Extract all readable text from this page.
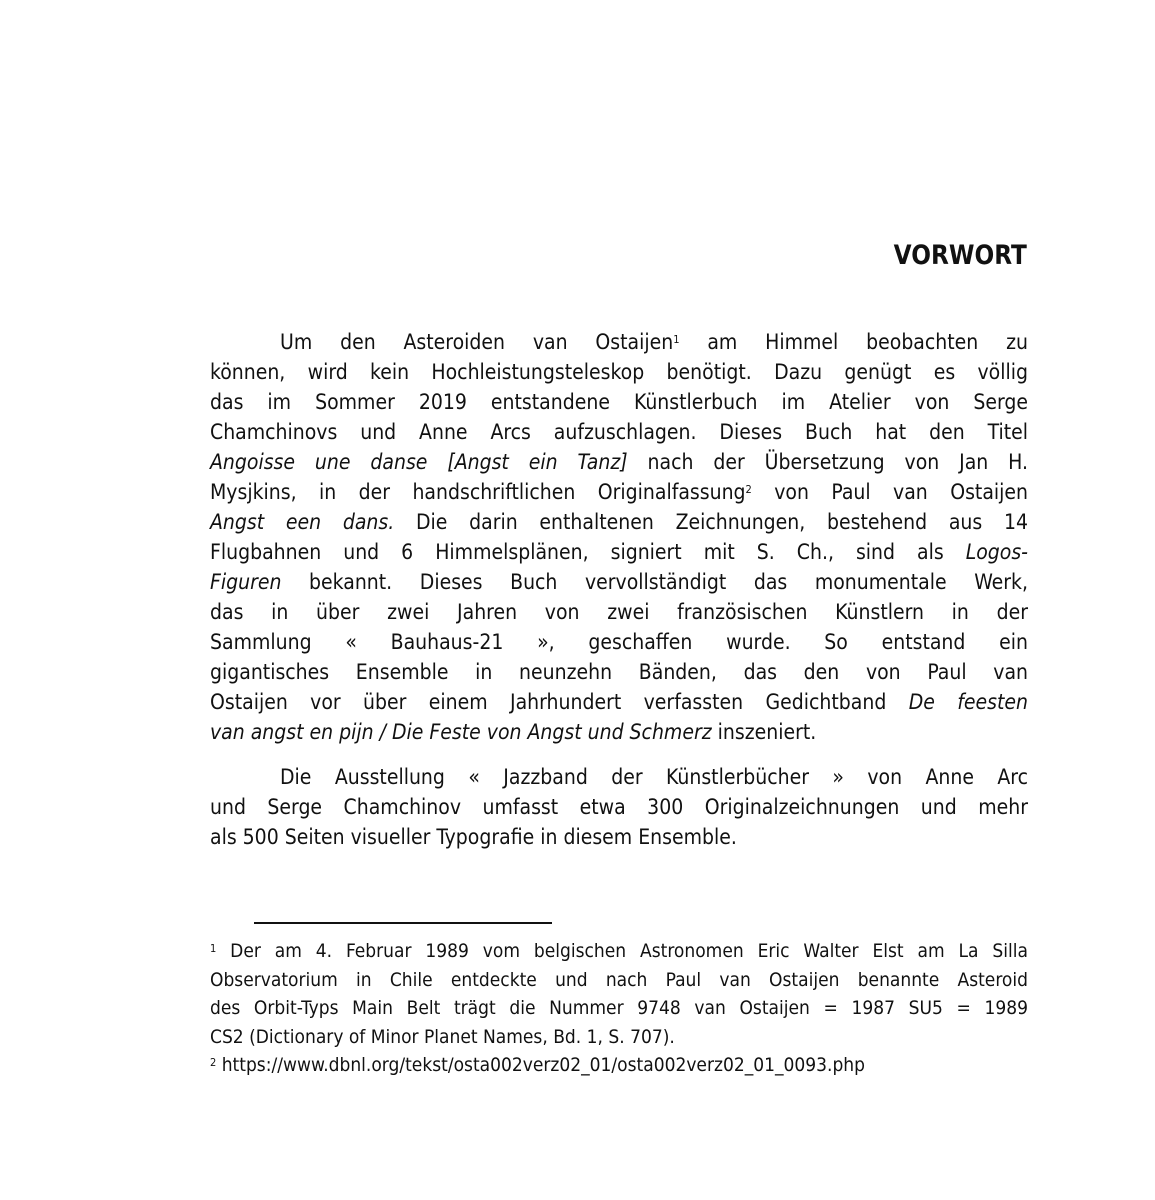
VORWORT
Um den Asteroiden van Ostaijen$^1$ am Himmel beobachten zu
können, wird kein Hochleistungsteleskop benötigt. Dazu genügt es völlig
das im Sommer 2019 entstandene Künstlerbuch im Atelier von Serge
Chamchinovs und Anne Arcs aufzuschlagen. Dieses Buch hat den Titel
Angoisse une danse [Angst ein Tanz] nach der Übersetzung von Jan H.
Mysjkins, in der handschriftlichen Originalfassung$^2$ von Paul van Ostaijen
Angst een dans. Die darin enthaltenen Zeichnungen, bestehend aus 14
Flugbahnen und 6 Himmelsplänen, signiert mit S. Ch., sind als Logos-
Figuren bekannt. Dieses Buch vervollständigt das monumentale Werk,
das in über zwei Jahren von zwei französischen Künstlern in der
Sammlung « Bauhaus-21 », geschaffen wurde. So entstand ein
gigantisches Ensemble in neunzehn Bänden, das den von Paul van
Ostaijen vor über einem Jahrhundert verfassten Gedichtband De feesten
van angst en pijn / Die Feste von Angst und Schmerz inszeniert.
Die Ausstellung « Jazzband der Künstlerbücher » von Anne Arc
und Serge Chamchinov umfasst etwa 300 Originalzeichnungen und mehr
als 500 Seiten visueller Typografie in diesem Ensemble.
$^1$ Der am 4. Februar 1989 vom belgischen Astronomen Eric Walter Elst am La Silla
Observatorium in Chile entdeckte und nach Paul van Ostaijen benannte Asteroid
des Orbit-Typs Main Belt trägt die Nummer 9748 van Ostaijen = 1987 SU5 = 1989
CS2 (Dictionary of Minor Planet Names, Bd. 1, S. 707).
$^2$ https://www.dbnl.org/tekst/osta002verz02_01/osta002verz02_01_0093.php
